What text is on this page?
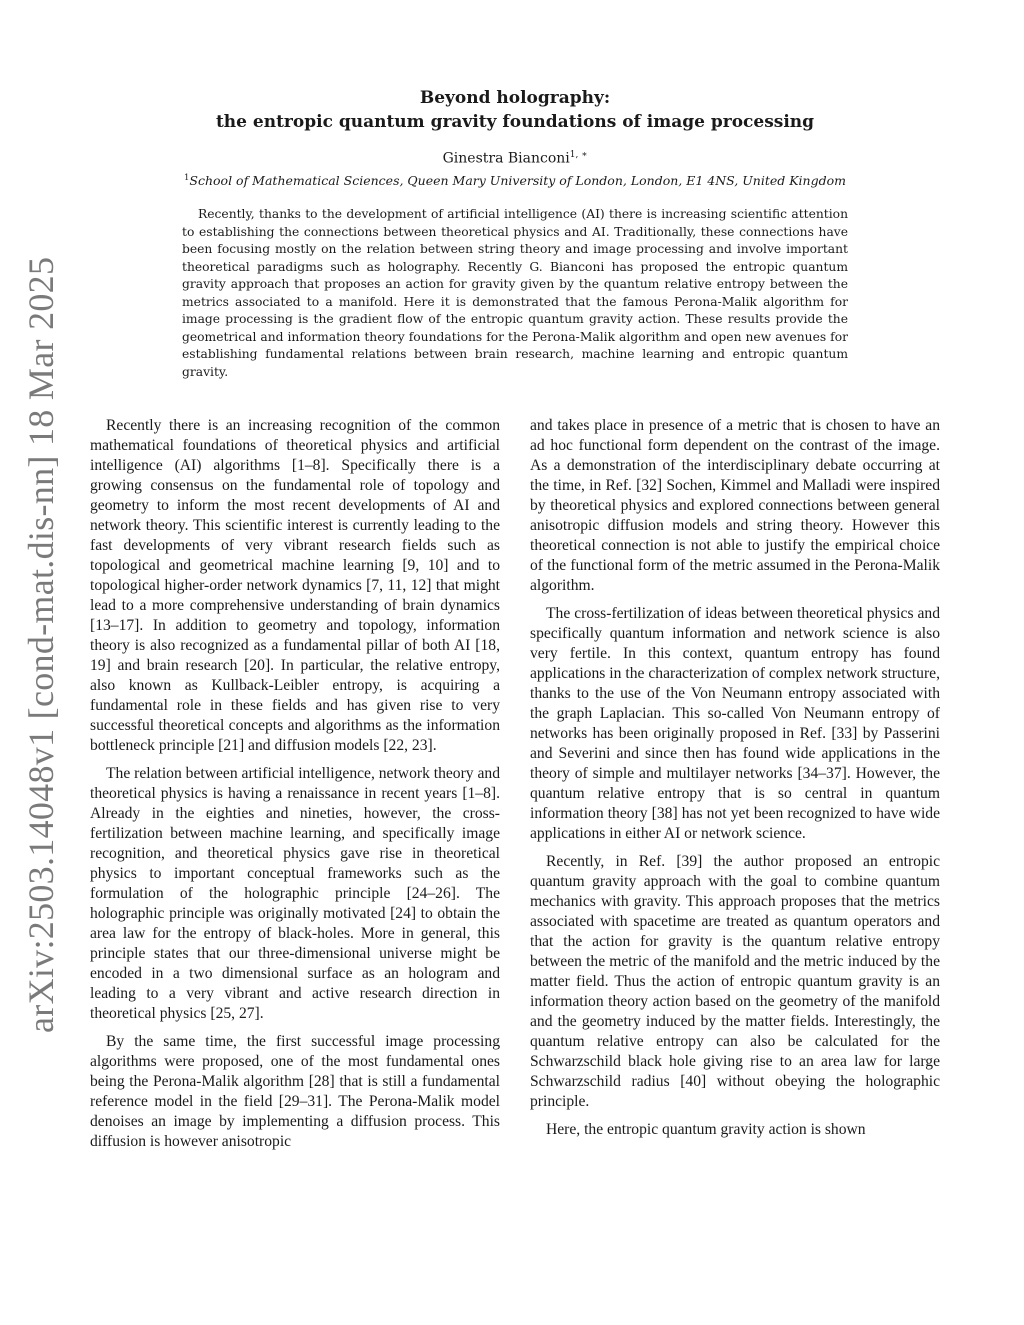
arXiv:2503.14048v1 [cond-mat.dis-nn] 18 Mar 2025
Beyond holography:
the entropic quantum gravity foundations of image processing
Ginestra Bianconi$^{1, ∗}$
$^1$School of Mathematical Sciences, Queen Mary University of London, London, E1 4NS, United Kingdom
Recently, thanks to the development of artificial intelligence (AI) there is increasing scientific attention to establishing the connections between theoretical physics and AI. Traditionally, these connections have been focusing mostly on the relation between string theory and image processing and involve important theoretical paradigms such as holography. Recently G. Bianconi has proposed the entropic quantum gravity approach that proposes an action for gravity given by the quantum relative entropy between the metrics associated to a manifold. Here it is demonstrated that the famous Perona-Malik algorithm for image processing is the gradient flow of the entropic quantum gravity action. These results provide the geometrical and information theory foundations for the Perona-Malik algorithm and open new avenues for establishing fundamental relations between brain research, machine learning and entropic quantum gravity.

Recently there is an increasing recognition of the common mathematical foundations of theoretical physics and artificial intelligence (AI) algorithms [1–8]. Specifically there is a growing consensus on the fundamental role of topology and geometry to inform the most recent developments of AI and network theory. This scientific interest is currently leading to the fast developments of very vibrant research fields such as topological and geometrical machine learning [9, 10] and to topological higher-order network dynamics [7, 11, 12] that might lead to a more comprehensive understanding of brain dynamics [13–17]. In addition to geometry and topology, information theory is also recognized as a fundamental pillar of both AI [18, 19] and brain research [20]. In particular, the relative entropy, also known as Kullback-Leibler entropy, is acquiring a fundamental role in these fields and has given rise to very successful theoretical concepts and algorithms as the information bottleneck principle [21] and diffusion models [22, 23].

The relation between artificial intelligence, network theory and theoretical physics is having a renaissance in recent years [1–8]. Already in the eighties and nineties, however, the cross-fertilization between machine learning, and specifically image recognition, and theoretical physics gave rise in theoretical physics to important conceptual frameworks such as the formulation of the holographic principle [24–26]. The holographic principle was originally motivated [24] to obtain the area law for the entropy of black-holes. More in general, this principle states that our three-dimensional universe might be encoded in a two dimensional surface as an hologram and leading to a very vibrant and active research direction in theoretical physics [25, 27].

By the same time, the first successful image processing algorithms were proposed, one of the most fundamental ones being the Perona-Malik algorithm [28] that is still a fundamental reference model in the field [29–31]. The Perona-Malik model denoises an image by implementing a diffusion process. This diffusion is however anisotropic

and takes place in presence of a metric that is chosen to have an ad hoc functional form dependent on the contrast of the image. As a demonstration of the interdisciplinary debate occurring at the time, in Ref. [32] Sochen, Kimmel and Malladi were inspired by theoretical physics and explored connections between general anisotropic diffusion models and string theory. However this theoretical connection is not able to justify the empirical choice of the functional form of the metric assumed in the Perona-Malik algorithm.

The cross-fertilization of ideas between theoretical physics and specifically quantum information and network science is also very fertile. In this context, quantum entropy has found applications in the characterization of complex network structure, thanks to the use of the Von Neumann entropy associated with the graph Laplacian. This so-called Von Neumann entropy of networks has been originally proposed in Ref. [33] by Passerini and Severini and since then has found wide applications in the theory of simple and multilayer networks [34–37]. However, the quantum relative entropy that is so central in quantum information theory [38] has not yet been recognized to have wide applications in either AI or network science.

Recently, in Ref. [39] the author proposed an entropic quantum gravity approach with the goal to combine quantum mechanics with gravity. This approach proposes that the metrics associated with spacetime are treated as quantum operators and that the action for gravity is the quantum relative entropy between the metric of the manifold and the metric induced by the matter field. Thus the action of entropic quantum gravity is an information theory action based on the geometry of the manifold and the geometry induced by the matter fields. Interestingly, the quantum relative entropy can also be calculated for the Schwarzschild black hole giving rise to an area law for large Schwarzschild radius [40] without obeying the holographic principle.

Here, the entropic quantum gravity action is shown
